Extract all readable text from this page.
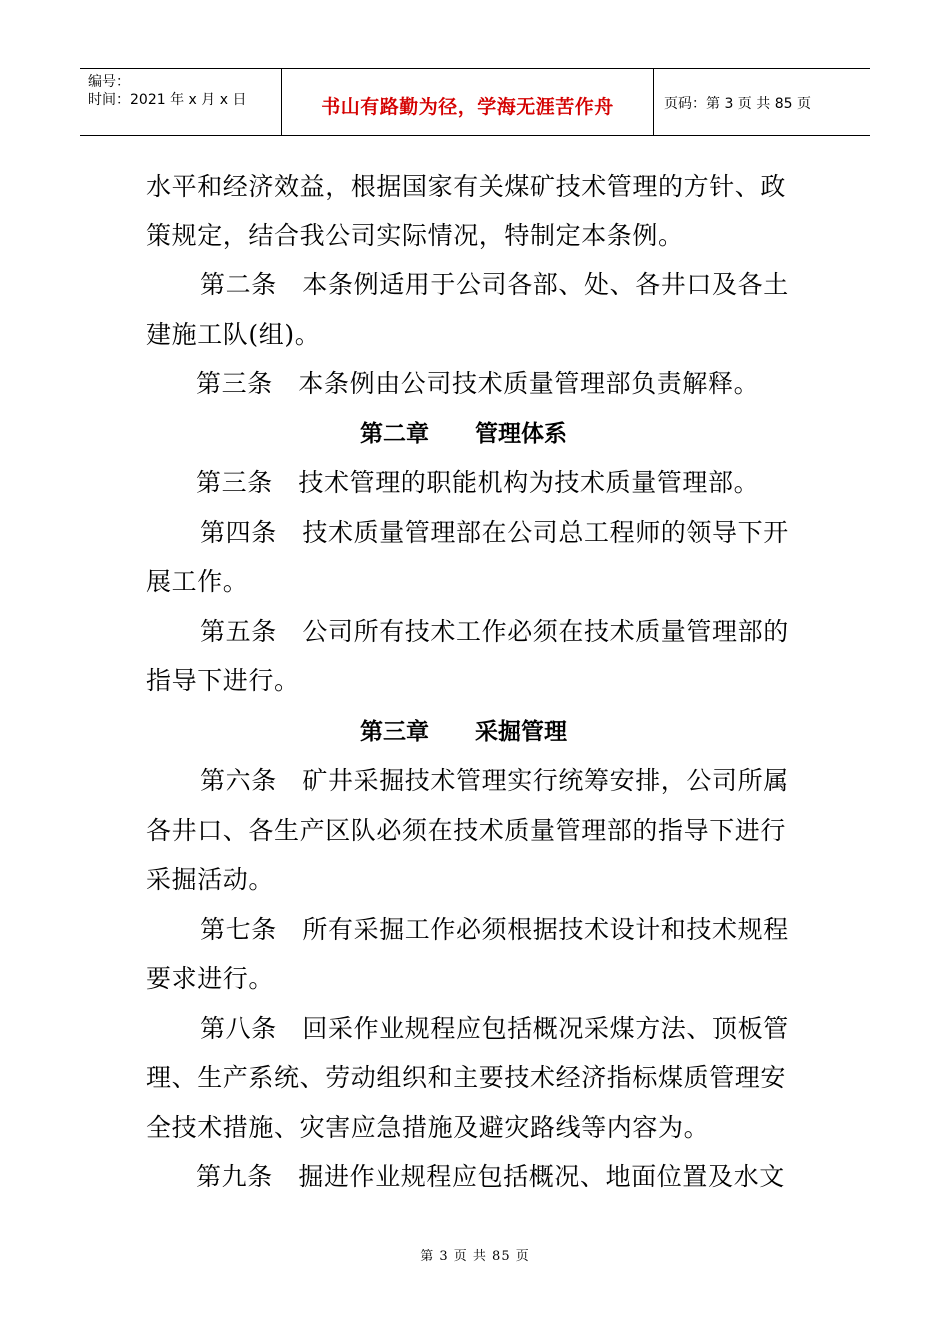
编号：
时间：2021 年 x 月 x 日	书山有路勤为径，学海无涯苦作舟	页码：第 3 页 共 85 页
水平和经济效益，根据国家有关煤矿技术管理的方针、政
策规定，结合我公司实际情况，特制定本条例。
第二条　本条例适用于公司各部、处、各井口及各土
建施工队(组)。
第三条　本条例由公司技术质量管理部负责解释。
第二章　　管理体系
第三条　技术管理的职能机构为技术质量管理部。
第四条　技术质量管理部在公司总工程师的领导下开
展工作。
第五条　公司所有技术工作必须在技术质量管理部的
指导下进行。
第三章　　采掘管理
第六条　矿井采掘技术管理实行统筹安排，公司所属
各井口、各生产区队必须在技术质量管理部的指导下进行
采掘活动。
第七条　所有采掘工作必须根据技术设计和技术规程
要求进行。
第八条　回采作业规程应包括概况采煤方法、顶板管
理、生产系统、劳动组织和主要技术经济指标煤质管理安
全技术措施、灾害应急措施及避灾路线等内容为。
第九条　掘进作业规程应包括概况、地面位置及水文
第 3 页 共 85 页
